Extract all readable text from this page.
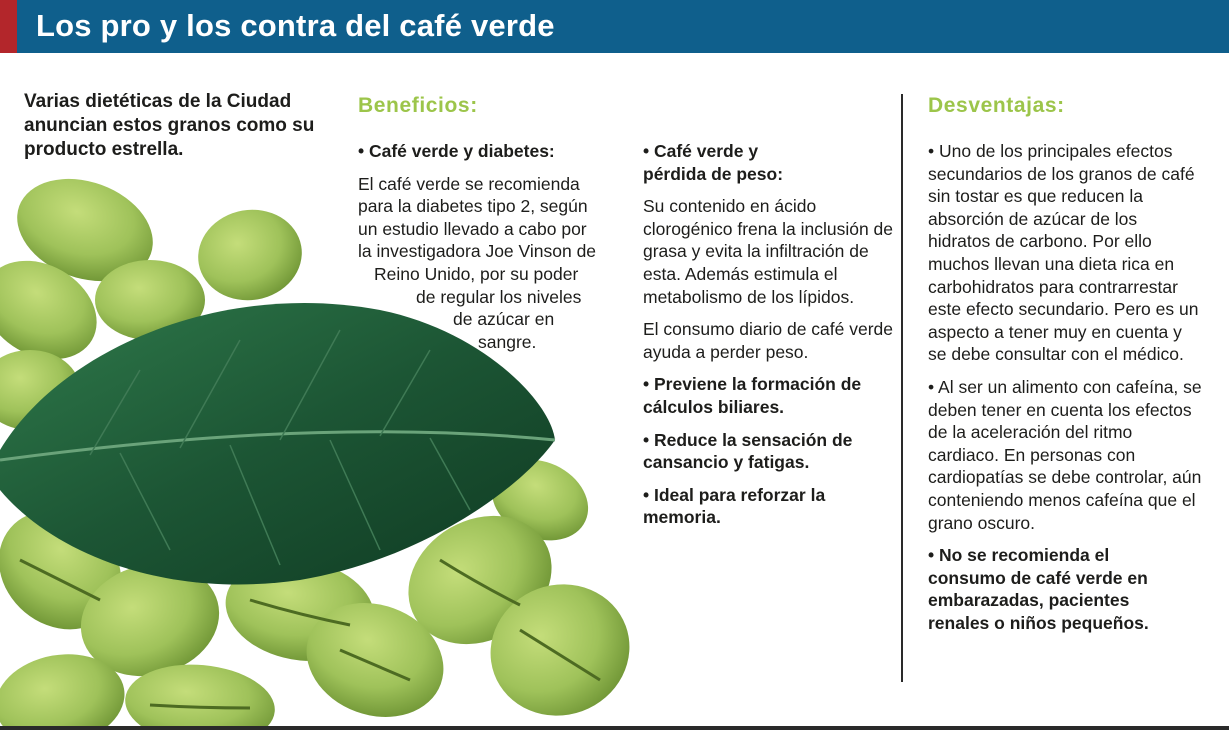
Los pro y los contra del café verde
Varias dietéticas de la Ciudad anuncian estos granos como su producto estrella.
Beneficios:
• Café verde y diabetes:
El café verde se recomienda
para la diabetes tipo 2, según
un estudio llevado a cabo por
la investigadora Joe Vinson de
Reino Unido, por su poder
de regular los niveles
de azúcar en
sangre.
• Café verde y pérdida de peso:
Su contenido en ácido clorogénico frena la inclusión de grasa y evita la infiltración de esta. Además estimula el metabolismo de los lípidos.
El consumo diario de café verde ayuda a perder peso.
• Previene la formación de cálculos biliares.
• Reduce la sensación de cansancio y fatigas.
• Ideal para reforzar la memoria.
Desventajas:
• Uno de los principales efectos secundarios de los granos de café sin tostar es que reducen la absorción de azúcar de los hidratos de carbono. Por ello muchos llevan una dieta rica en carbohidratos para contrarrestar este efecto secundario. Pero es un aspecto a tener muy en cuenta y se debe consultar con el médico.
• Al ser un alimento con cafeína, se deben tener en cuenta los efectos de la aceleración del ritmo cardiaco. En personas con cardiopatías se debe controlar, aún conteniendo menos cafeína que el grano oscuro.
• No se recomienda el consumo de café verde en embarazadas, pacientes renales o niños pequeños.
